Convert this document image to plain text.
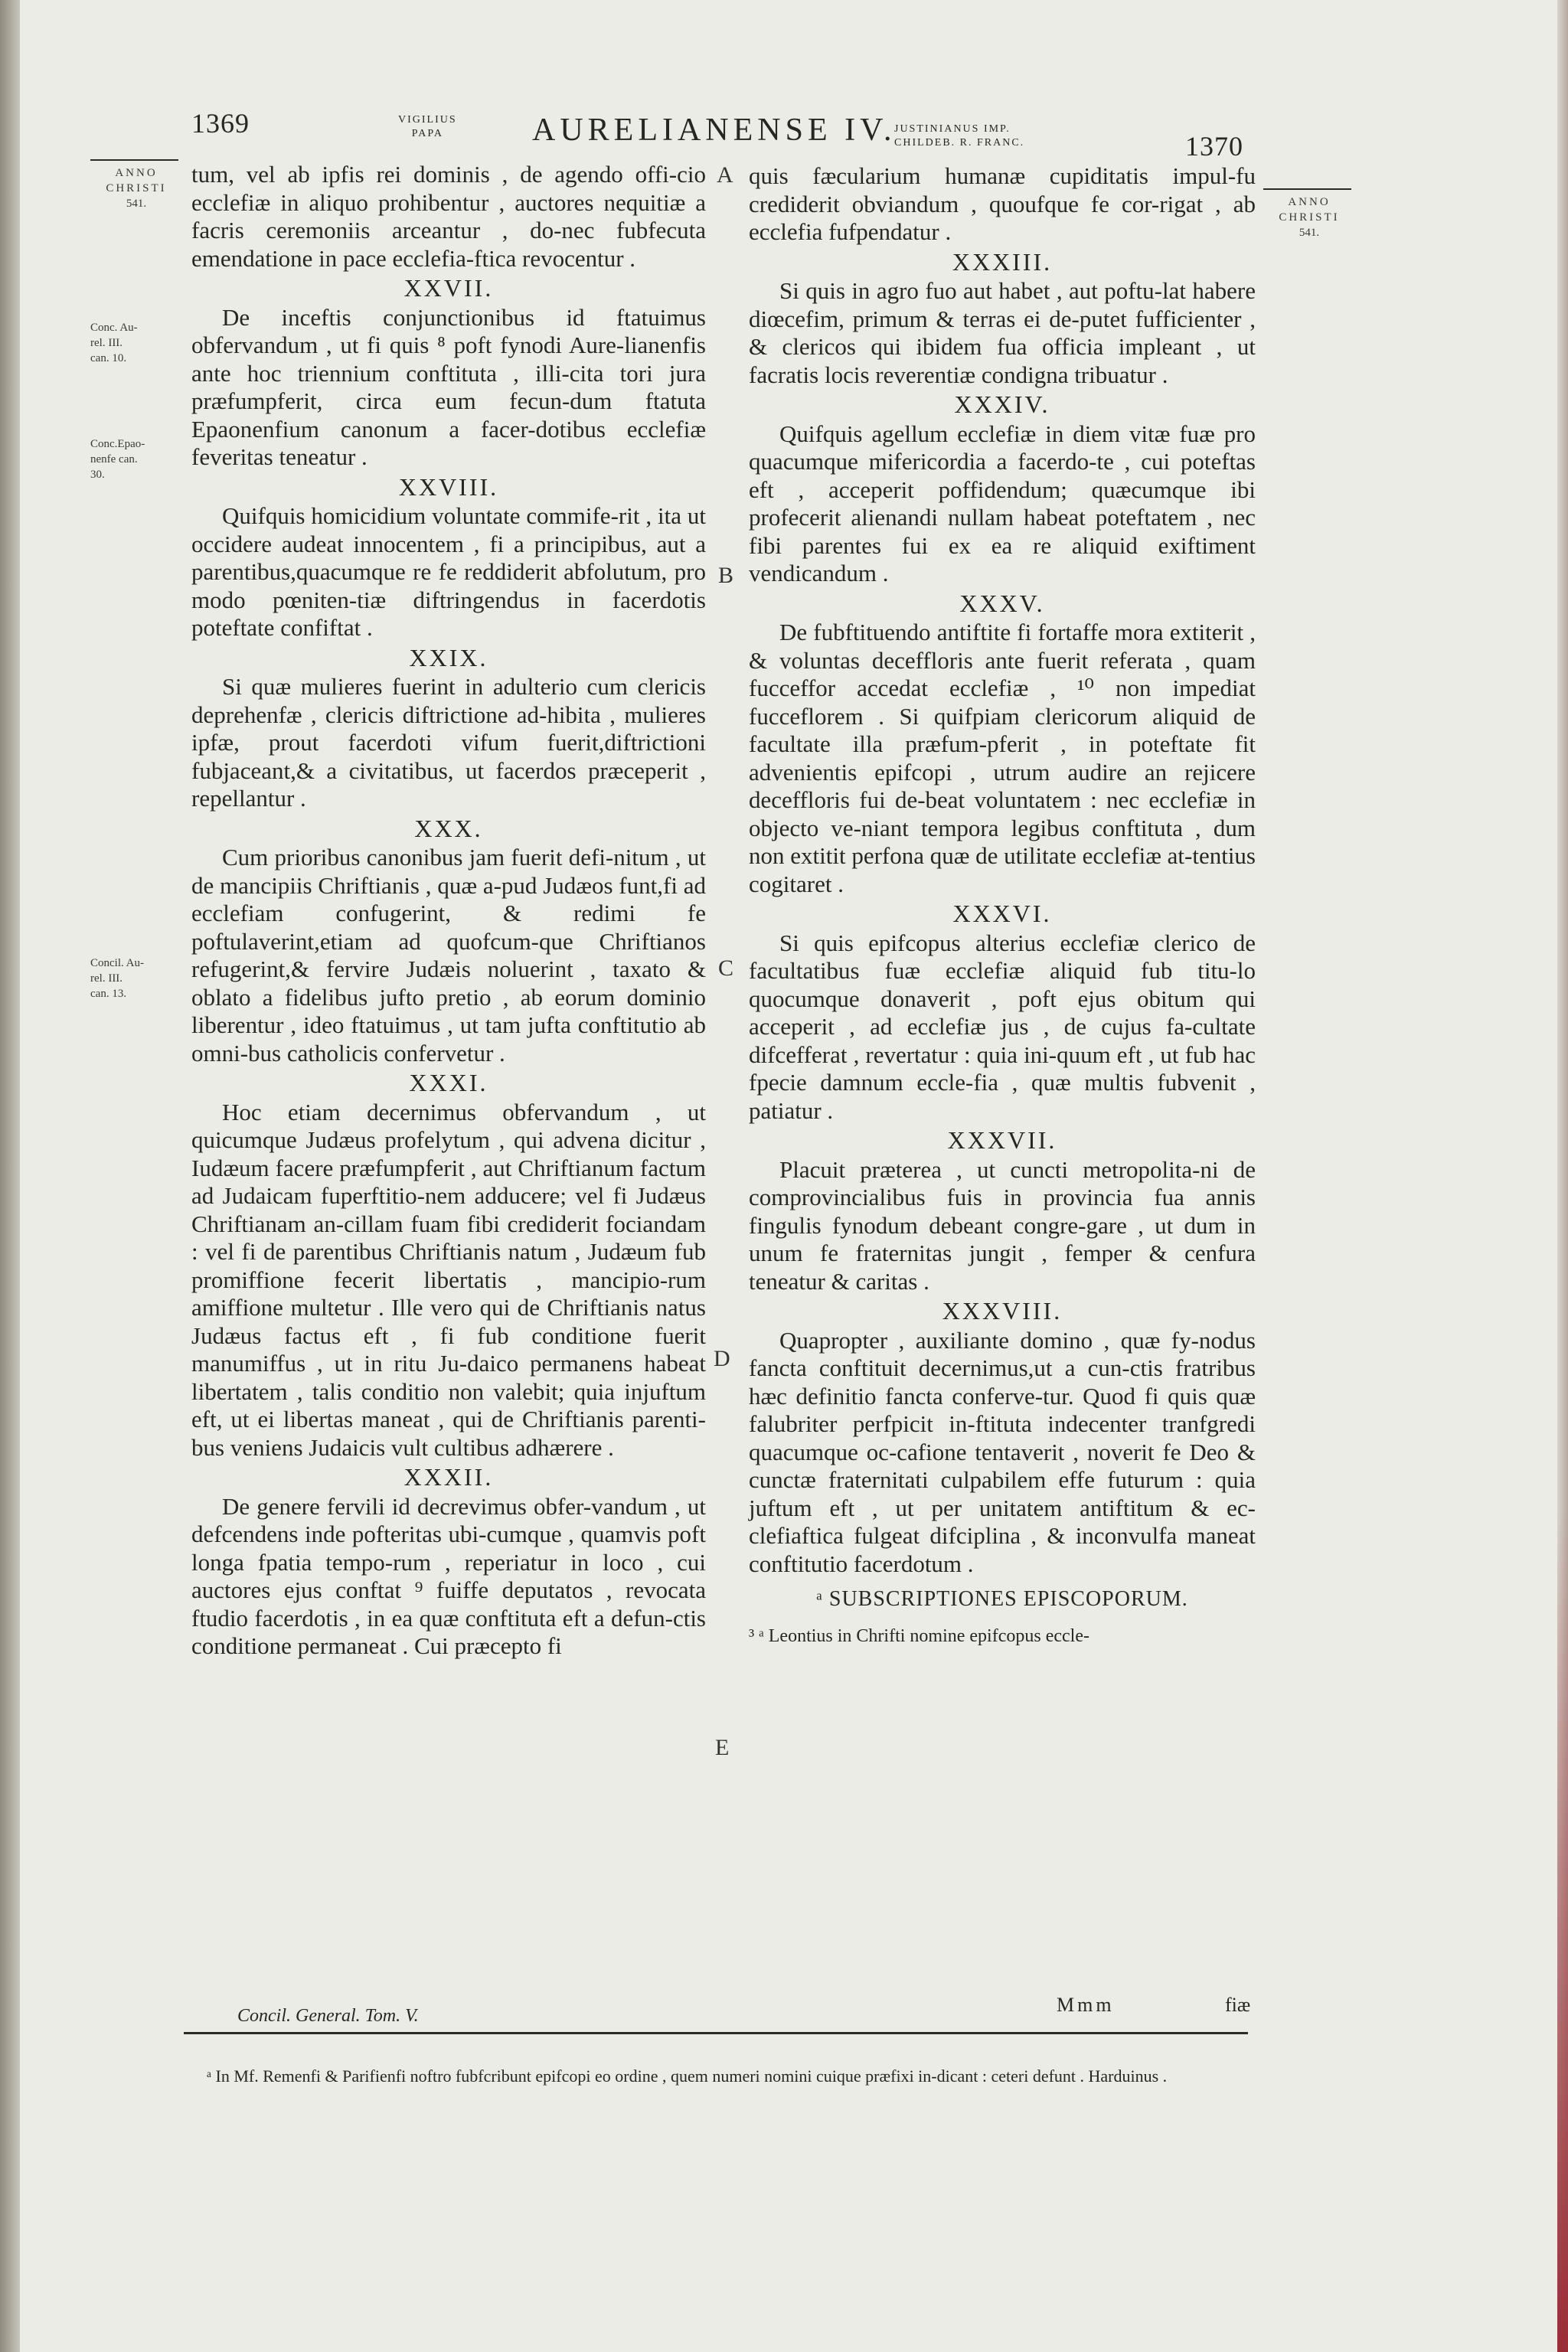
1369	VIGILIUS
PAPA	AURELIANENSE IV.
JUSTINIANUS IMP.
CHILDEB. R. FRANC.	1370
ANNO
CHRISTI
541.
Conc. Au-
rel. III.
can. 10.
Conc.Epao-
nenfe can.
30.
Concil. Au-
rel. III.
can. 13.
ANNO
CHRISTI
541.
A
B
C
D
E

tum, vel ab ipfis rei dominis , de agendo offi-cio ecclefiæ in aliquo prohibentur , auctores nequitiæ a facris ceremoniis arceantur , do-nec fubfecuta emendatione in pace ecclefia-ftica revocentur .

XXVII.

De inceftis conjunctionibus id ftatuimus obfervandum , ut fi quis ⁸ poft fynodi Aure-lianenfis ante hoc triennium conftituta , illi-cita tori jura præfumpferit, circa eum fecun-dum ftatuta Epaonenfium canonum a facer-dotibus ecclefiæ feveritas teneatur .

XXVIII.

Quifquis homicidium voluntate commife-rit , ita ut occidere audeat innocentem , fi a principibus, aut a parentibus,quacumque re fe reddiderit abfolutum, pro modo pœniten-tiæ diftringendus in facerdotis poteftate confiftat .

XXIX.

Si quæ mulieres fuerint in adulterio cum clericis deprehenfæ , clericis diftrictione ad-hibita , mulieres ipfæ, prout facerdoti vifum fuerit,diftrictioni fubjaceant,& a civitatibus, ut facerdos præceperit , repellantur .

XXX.

Cum prioribus canonibus jam fuerit defi-nitum , ut de mancipiis Chriftianis , quæ a-pud Judæos funt,fi ad ecclefiam confugerint, & redimi fe poftulaverint,etiam ad quofcum-que Chriftianos refugerint,& fervire Judæis noluerint , taxato & oblato a fidelibus jufto pretio , ab eorum dominio liberentur , ideo ftatuimus , ut tam jufta conftitutio ab omni-bus catholicis confervetur .

XXXI.

Hoc etiam decernimus obfervandum , ut quicumque Judæus profelytum , qui advena dicitur , Iudæum facere præfumpferit , aut Chriftianum factum ad Judaicam fuperftitio-nem adducere; vel fi Judæus Chriftianam an-cillam fuam fibi crediderit fociandam : vel fi de parentibus Chriftianis natum , Judæum fub promiffione fecerit libertatis , mancipio-rum amiffione multetur . Ille vero qui de Chriftianis natus Judæus factus eft , fi fub conditione fuerit manumiffus , ut in ritu Ju-daico permanens habeat libertatem , talis conditio non valebit; quia injuftum eft, ut ei libertas maneat , qui de Chriftianis parenti-bus veniens Judaicis vult cultibus adhærere .

XXXII.

De genere fervili id decrevimus obfer-vandum , ut defcendens inde pofteritas ubi-cumque , quamvis poft longa fpatia tempo-rum , reperiatur in loco , cui auctores ejus conftat ⁹ fuiffe deputatos , revocata ftudio facerdotis , in ea quæ conftituta eft a defun-ctis conditione permaneat . Cui præcepto fi

quis fæcularium humanæ cupiditatis impul-fu crediderit obviandum , quoufque fe cor-rigat , ab ecclefia fufpendatur .

XXXIII.

Si quis in agro fuo aut habet , aut poftu-lat habere diœcefim, primum & terras ei de-putet fufficienter , & clericos qui ibidem fua officia impleant , ut facratis locis reverentiæ condigna tribuatur .

XXXIV.

Quifquis agellum ecclefiæ in diem vitæ fuæ pro quacumque mifericordia a facerdo-te , cui poteftas eft , acceperit poffidendum; quæcumque ibi profecerit alienandi nullam habeat poteftatem , nec fibi parentes fui ex ea re aliquid exiftiment vendicandum .

XXXV.

De fubftituendo antiftite fi fortaffe mora extiterit , & voluntas deceffloris ante fuerit referata , quam fucceffor accedat ecclefiæ , ¹⁰ non impediat fucceflorem . Si quifpiam clericorum aliquid de facultate illa præfum-pferit , in poteftate fit advenientis epifcopi , utrum audire an rejicere deceffloris fui de-beat voluntatem : nec ecclefiæ in objecto ve-niant tempora legibus conftituta , dum non extitit perfona quæ de utilitate ecclefiæ at-tentius cogitaret .

XXXVI.

Si quis epifcopus alterius ecclefiæ clerico de facultatibus fuæ ecclefiæ aliquid fub titu-lo quocumque donaverit , poft ejus obitum qui acceperit , ad ecclefiæ jus , de cujus fa-cultate difcefferat , revertatur : quia ini-quum eft , ut fub hac fpecie damnum eccle-fia , quæ multis fubvenit , patiatur .

XXXVII.

Placuit præterea , ut cuncti metropolita-ni de comprovincialibus fuis in provincia fua annis fingulis fynodum debeant congre-gare , ut dum in unum fe fraternitas jungit , femper & cenfura teneatur & caritas .

XXXVIII.

Quapropter , auxiliante domino , quæ fy-nodus fancta conftituit decernimus,ut a cun-ctis fratribus hæc definitio fancta conferve-tur. Quod fi quis quæ falubriter perfpicit in-ftituta indecenter tranfgredi quacumque oc-cafione tentaverit , noverit fe Deo & cunctæ fraternitati culpabilem effe futurum : quia juftum eft , ut per unitatem antiftitum & ec-clefiaftica fulgeat difciplina , & inconvulfa maneat conftitutio facerdotum .

ᵃ SUBSCRIPTIONES EPISCOPORUM.

³ ᵃ Leontius in Chrifti nomine epifcopus eccle-

Concil. General. Tom. V.	Mmm	fiæ
ᵃ In Mf. Remenfi & Parifienfi noftro fubfcribunt epifcopi eo ordine , quem numeri nomini cuique præfixi in-dicant : ceteri defunt . Harduinus .
